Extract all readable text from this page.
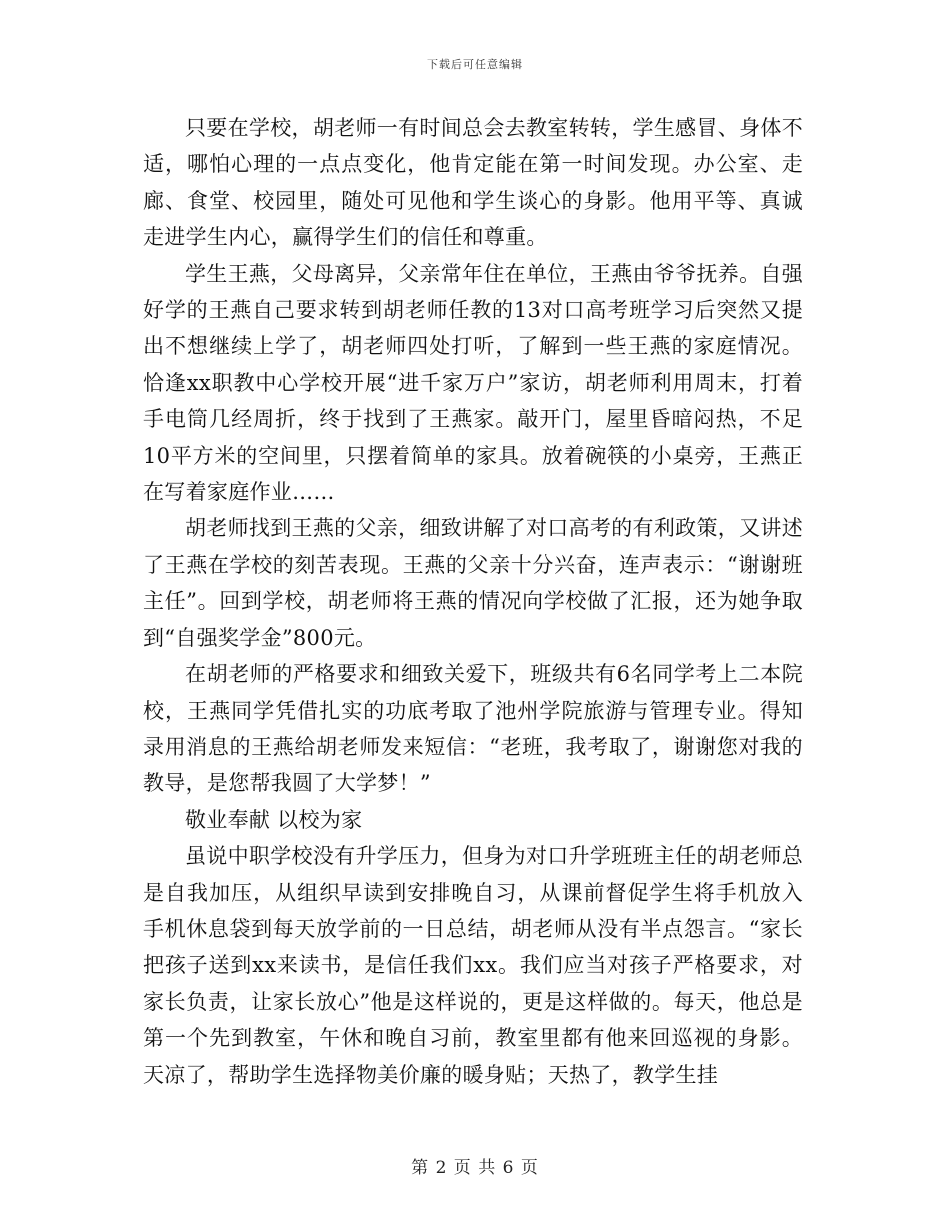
下载后可任意编辑

只要在学校，胡老师一有时间总会去教室转转，学生感冒、身体不适，哪怕心理的一点点变化，他肯定能在第一时间发现。办公室、走廊、食堂、校园里，随处可见他和学生谈心的身影。他用平等、真诚走进学生内心，赢得学生们的信任和尊重。

学生王燕，父母离异，父亲常年住在单位，王燕由爷爷抚养。自强好学的王燕自己要求转到胡老师任教的13对口高考班学习后突然又提出不想继续上学了，胡老师四处打听，了解到一些王燕的家庭情况。恰逢xx职教中心学校开展“进千家万户”家访，胡老师利用周末，打着手电筒几经周折，终于找到了王燕家。敲开门，屋里昏暗闷热，不足10平方米的空间里，只摆着简单的家具。放着碗筷的小桌旁，王燕正在写着家庭作业……

胡老师找到王燕的父亲，细致讲解了对口高考的有利政策，又讲述了王燕在学校的刻苦表现。王燕的父亲十分兴奋，连声表示：“谢谢班主任”。回到学校，胡老师将王燕的情况向学校做了汇报，还为她争取到“自强奖学金”800元。

在胡老师的严格要求和细致关爱下，班级共有6名同学考上二本院校，王燕同学凭借扎实的功底考取了池州学院旅游与管理专业。得知录用消息的王燕给胡老师发来短信：“老班，我考取了，谢谢您对我的教导，是您帮我圆了大学梦！”

敬业奉献 以校为家

虽说中职学校没有升学压力，但身为对口升学班班主任的胡老师总是自我加压，从组织早读到安排晚自习，从课前督促学生将手机放入手机休息袋到每天放学前的一日总结，胡老师从没有半点怨言。“家长把孩子送到xx来读书，是信任我们xx。我们应当对孩子严格要求，对家长负责，让家长放心”他是这样说的，更是这样做的。每天，他总是第一个先到教室，午休和晚自习前，教室里都有他来回巡视的身影。天凉了，帮助学生选择物美价廉的暖身贴；天热了，教学生挂

第 2 页 共 6 页
